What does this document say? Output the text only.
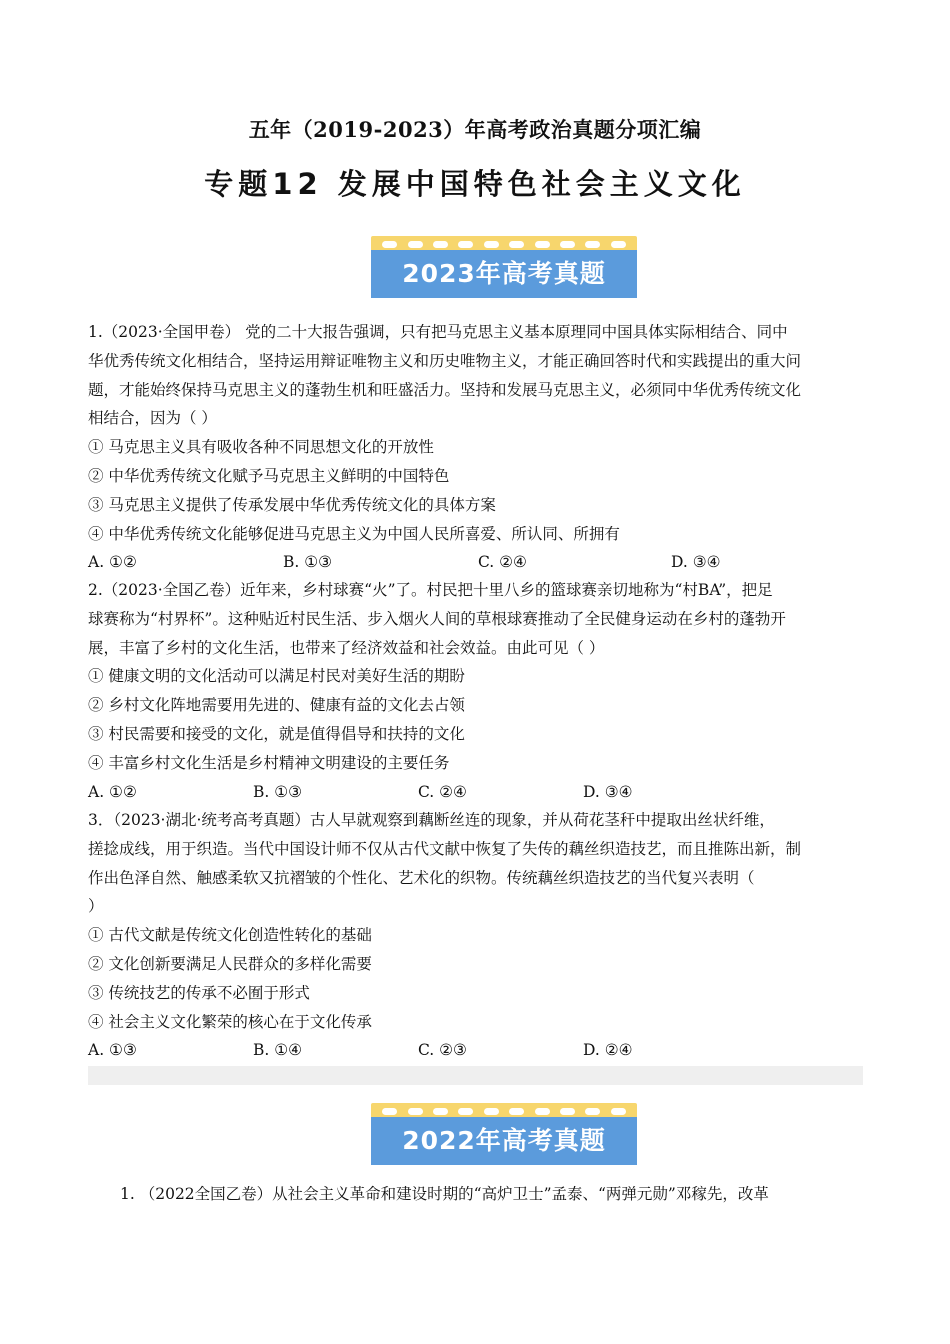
五年（2019-2023）年高考政治真题分项汇编
专题12 发展中国特色社会主义文化
2023年高考真题

1.（2023·全国甲卷） 党的二十大报告强调，只有把马克思主义基本原理同中国具体实际相结合、同中

华优秀传统文化相结合，坚持运用辩证唯物主义和历史唯物主义，才能正确回答时代和实践提出的重大问

题，才能始终保持马克思主义的蓬勃生机和旺盛活力。坚持和发展马克思主义，必须同中华优秀传统文化

相结合，因为（ ）

① 马克思主义具有吸收各种不同思想文化的开放性

② 中华优秀传统文化赋予马克思主义鲜明的中国特色

③ 马克思主义提供了传承发展中华优秀传统文化的具体方案

④ 中华优秀传统文化能够促进马克思主义为中国人民所喜爱、所认同、所拥有

A. ①②	B. ①③	C. ②④	D. ③④

2.（2023·全国乙卷）近年来，乡村球赛“火”了。村民把十里八乡的篮球赛亲切地称为“村BA”，把足

球赛称为“村界杯”。这种贴近村民生活、步入烟火人间的草根球赛推动了全民健身运动在乡村的蓬勃开

展，丰富了乡村的文化生活，也带来了经济效益和社会效益。由此可见（ ）

① 健康文明的文化活动可以满足村民对美好生活的期盼

② 乡村文化阵地需要用先进的、健康有益的文化去占领

③ 村民需要和接受的文化，就是值得倡导和扶持的文化

④ 丰富乡村文化生活是乡村精神文明建设的主要任务

A. ①②	B. ①③	C. ②④	D. ③④

3．（2023·湖北·统考高考真题）古人早就观察到藕断丝连的现象，并从荷花茎秆中提取出丝状纤维，

搓捻成线，用于织造。当代中国设计师不仅从古代文献中恢复了失传的藕丝织造技艺，而且推陈出新，制

作出色泽自然、触感柔软又抗褶皱的个性化、艺术化的织物。传统藕丝织造技艺的当代复兴表明（

）

① 古代文献是传统文化创造性转化的基础

② 文化创新要满足人民群众的多样化需要

③ 传统技艺的传承不必囿于形式

④ 社会主义文化繁荣的核心在于文化传承

A. ①③	B. ①④	C. ②③	D. ②④
2022年高考真题

1. （2022全国乙卷）从社会主义革命和建设时期的“高炉卫士”孟泰、“两弹元勋”邓稼先，改革
